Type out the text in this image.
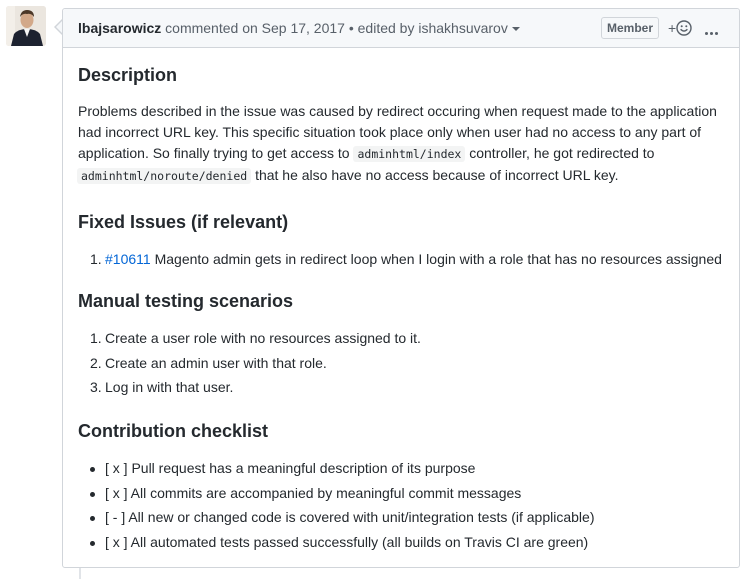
lbajsarowicz commented on Sep 17, 2017 • edited by ishakhsuvarov	Member	+
Description

Problems described in the issue was caused by redirect occuring when request made to the application
had incorrect URL key. This specific situation took place only when user had no access to any part of
application. So finally trying to get access to adminhtml/index controller, he got redirected to
adminhtml/noroute/denied that he also have no access because of incorrect URL key.

Fixed Issues (if relevant)
1. #10611 Magento admin gets in redirect loop when I login with a role that has no resources assigned
Manual testing scenarios
1. Create a user role with no resources assigned to it.
2. Create an admin user with that role.
3. Log in with that user.
Contribution checklist
[ x ] Pull request has a meaningful description of its purpose
[ x ] All commits are accompanied by meaningful commit messages
[ - ] All new or changed code is covered with unit/integration tests (if applicable)
[ x ] All automated tests passed successfully (all builds on Travis CI are green)
